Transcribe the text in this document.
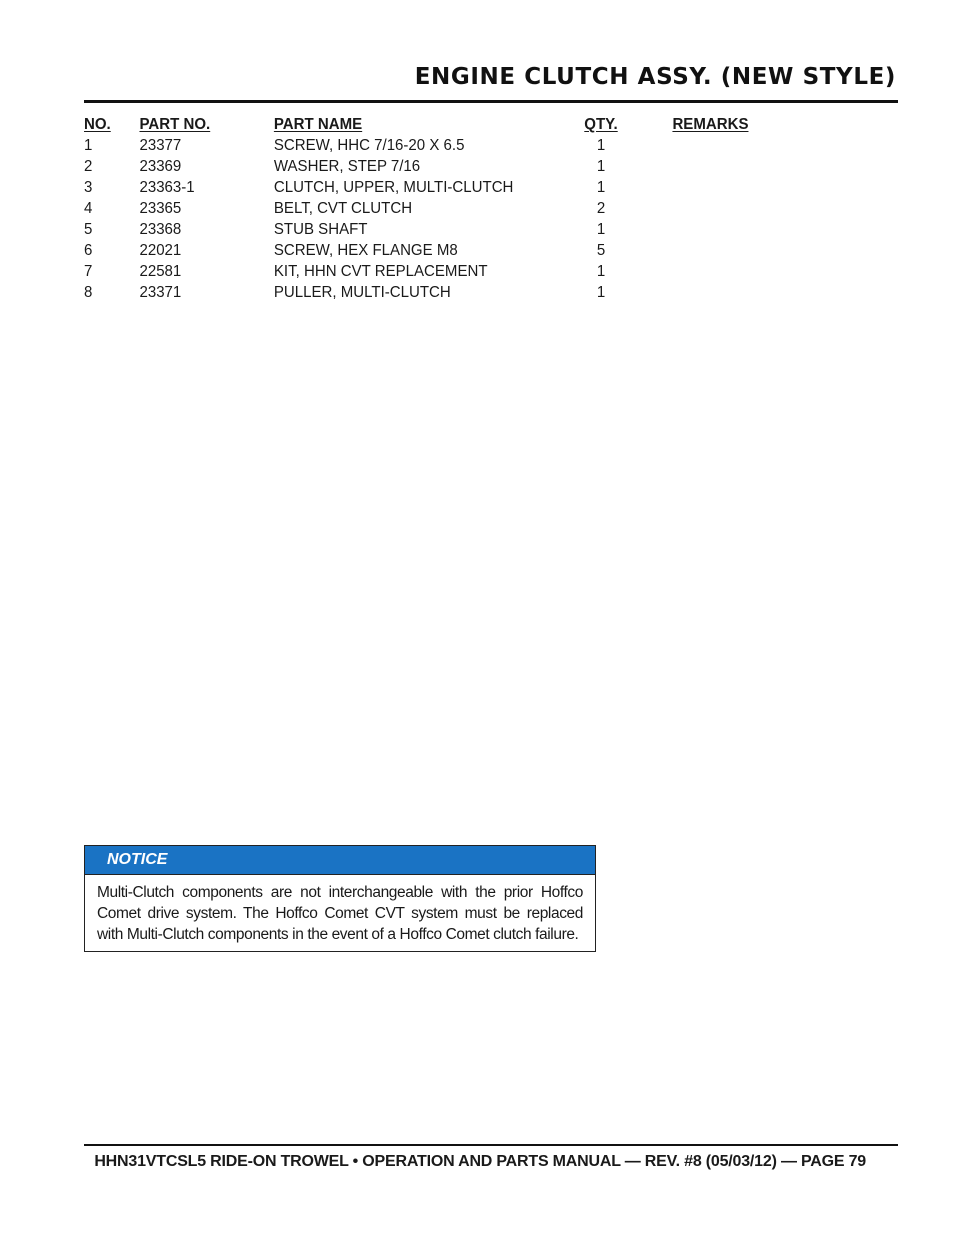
ENGINE CLUTCH ASSY. (NEW STYLE)
NO. PART NO.	PART NAME	QTY.	REMARKS
1	23377	SCREW, HHC 7/16-20 X 6.5	1
2	23369	WASHER, STEP 7/16	1
3	23363-1	CLUTCH, UPPER, MULTI-CLUTCH	1
4	23365	BELT, CVT CLUTCH	2
5	23368	STUB SHAFT	1
6	22021	SCREW, HEX FLANGE M8	5
7	22581	KIT, HHN CVT REPLACEMENT	1
8	23371	PULLER, MULTI-CLUTCH	1
NOTICE
Multi-Clutch components are not interchangeable with the prior Hoffco Comet drive system. The Hoffco Comet CVT system must be replaced with Multi-Clutch components in the event of a Hoffco Comet clutch failure.
HHN31VTCSL5 RIDE-ON TROWEL • OPERATION AND PARTS MANUAL — REV. #8 (05/03/12) — PAGE 79
